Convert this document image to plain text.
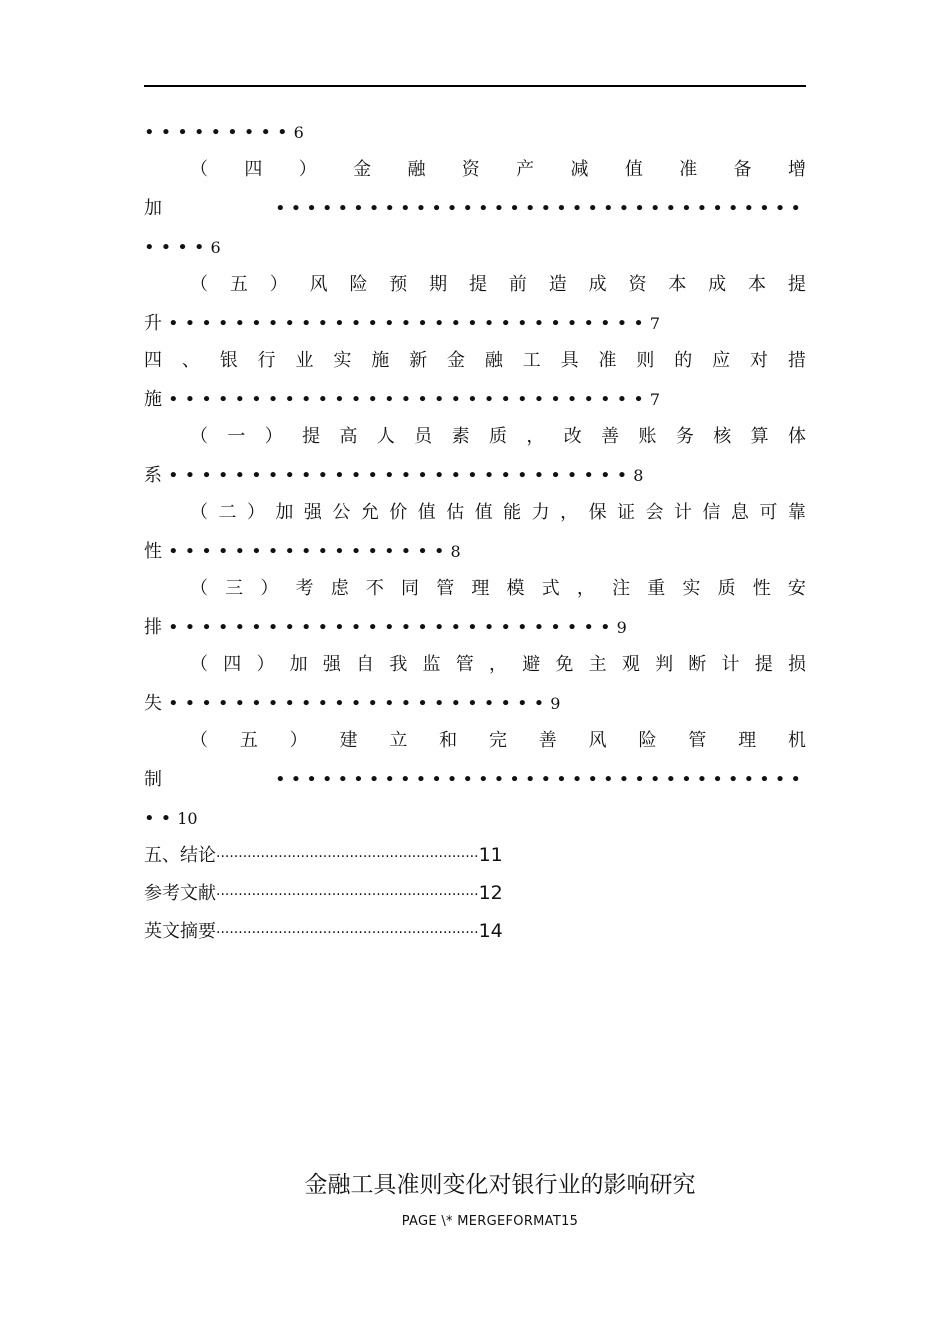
•••••••••6
（ 四 ） 金 融 资 产 减 值 准 备 增
加	••••••••••••••••••••••••••••••••••
••••6
（ 五 ） 风 险 预 期 提 前 造 成 资 本 成 本 提
升•••••••••••••••••••••••••••••7
四 、 银 行 业 实 施 新 金 融 工 具 准 则 的 应 对 措
施•••••••••••••••••••••••••••••7
（ 一 ） 提 高 人 员 素 质 ， 改 善 账 务 核 算 体
系••••••••••••••••••••••••••••8
（ 二 ） 加 强 公 允 价 值 估 值 能 力 ， 保 证 会 计 信 息 可 靠
性•••••••••••••••••8
（ 三 ） 考 虑 不 同 管 理 模 式 ， 注 重 实 质 性 安
排•••••••••••••••••••••••••••9
（ 四 ） 加 强 自 我 监 管 ， 避 免 主 观 判 断 计 提 损
失•••••••••••••••••••••••9
（ 五 ） 建 立 和 完 善 风 险 管 理 机
制	••••••••••••••••••••••••••••••••••
••10
五、结论···························································11
参考文献···························································12
英文摘要···························································14
金融工具准则变化对银行业的影响研究
PAGE \* MERGEFORMAT15
